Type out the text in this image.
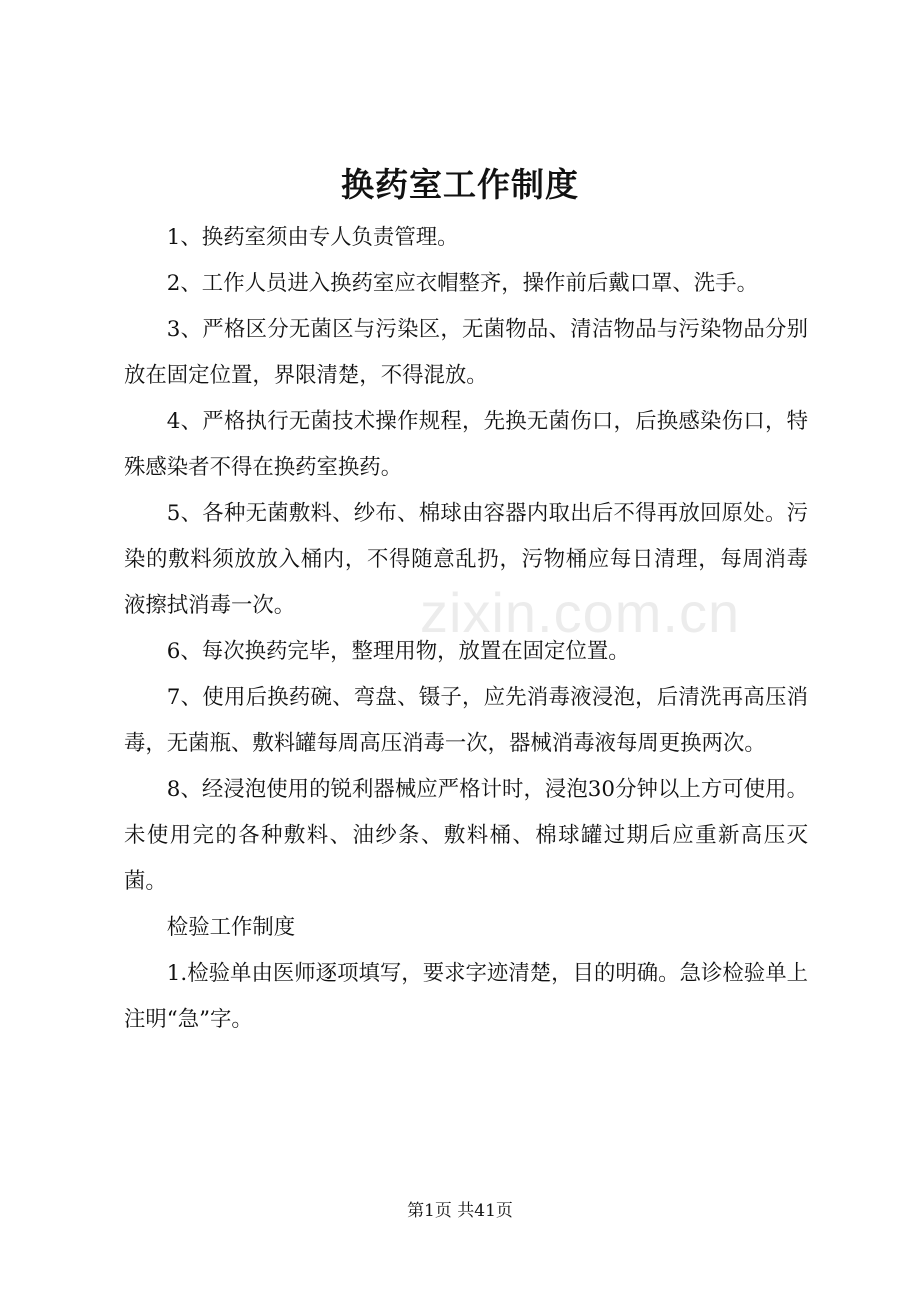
换药室工作制度

1、换药室须由专人负责管理。

2、工作人员进入换药室应衣帽整齐，操作前后戴口罩、洗手。

3、严格区分无菌区与污染区，无菌物品、清洁物品与污染物品分别放在固定位置，界限清楚，不得混放。

4、严格执行无菌技术操作规程，先换无菌伤口，后换感染伤口，特殊感染者不得在换药室换药。

5、各种无菌敷料、纱布、棉球由容器内取出后不得再放回原处。污染的敷料须放放入桶内，不得随意乱扔，污物桶应每日清理，每周消毒液擦拭消毒一次。

6、每次换药完毕，整理用物，放置在固定位置。

7、使用后换药碗、弯盘、镊子，应先消毒液浸泡，后清洗再高压消毒，无菌瓶、敷料罐每周高压消毒一次，器械消毒液每周更换两次。

8、经浸泡使用的锐利器械应严格计时，浸泡30分钟以上方可使用。未使用完的各种敷料、油纱条、敷料桶、棉球罐过期后应重新高压灭菌。

检验工作制度

1.检验单由医师逐项填写，要求字迹清楚，目的明确。急诊检验单上注明“急”字。

zixin.com.cn
第1页 共41页
